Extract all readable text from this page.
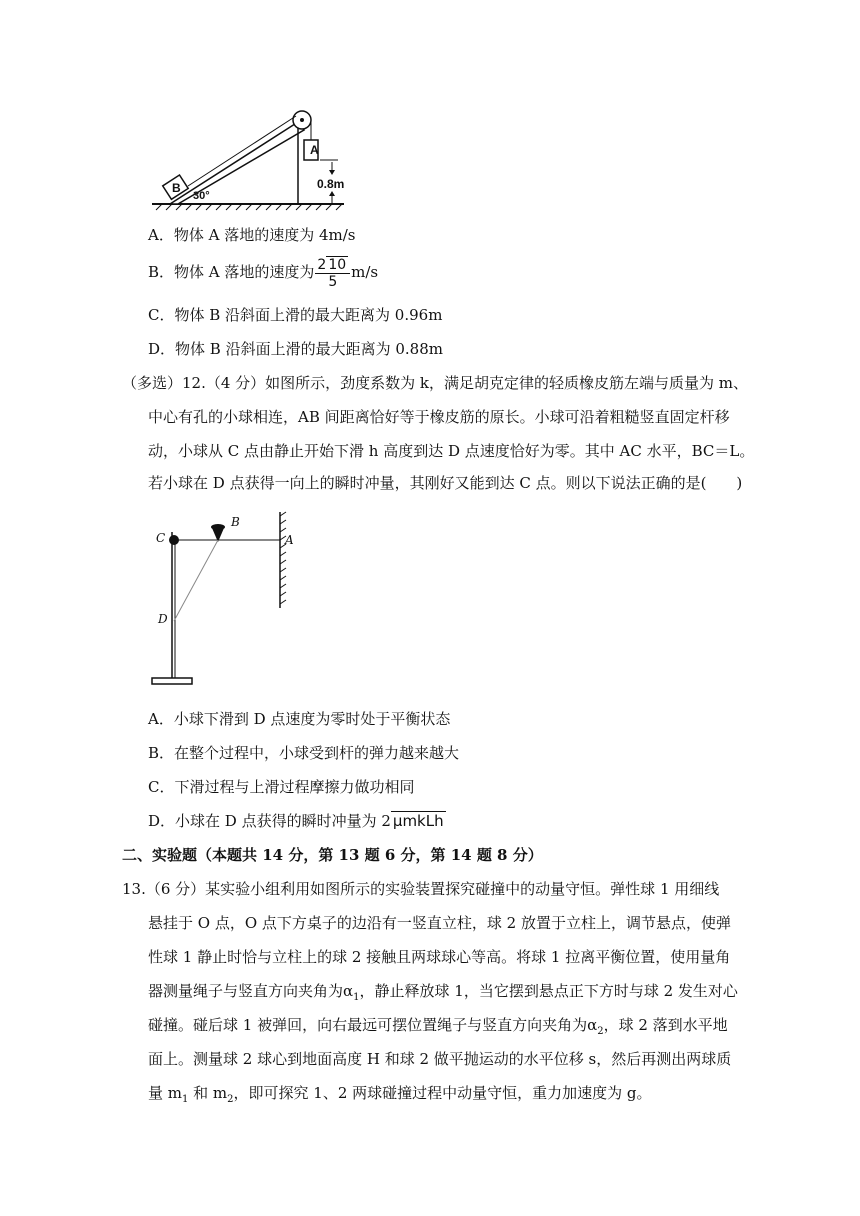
A
B
30°
0.8m
A．物体 A 落地的速度为 4m/s
B．物体 A 落地的速度为 $\frac{2 10}{5} m/s$
C．物体 B 沿斜面上滑的最大距离为 0.96m
D．物体 B 沿斜面上滑的最大距离为 0.88m
（多选）12.（4 分）如图所示，劲度系数为 k，满足胡克定律的轻质橡皮筋左端与质量为 m、
中心有孔的小球相连，AB 间距离恰好等于橡皮筋的原长。小球可沿着粗糙竖直固定杆移
动，小球从 C 点由静止开始下滑 h 高度到达 D 点速度恰好为零。其中 AC 水平，BC＝L。
若小球在 D 点获得一向上的瞬时冲量，其刚好又能到达 C 点。则以下说法正确的是(　　)
C
B
A
D
A．小球下滑到 D 点速度为零时处于平衡状态
B．在整个过程中，小球受到杆的弹力越来越大
C．下滑过程与上滑过程摩擦力做功相同
D．小球在 D 点获得的瞬时冲量为 2 μmkLh
二、实验题（本题共 14 分，第 13 题 6 分，第 14 题 8 分）
13.（6 分）某实验小组利用如图所示的实验装置探究碰撞中的动量守恒。弹性球 1 用细线
悬挂于 O 点，O 点下方桌子的边沿有一竖直立柱，球 2 放置于立柱上，调节悬点，使弹
性球 1 静止时恰与立柱上的球 2 接触且两球球心等高。将球 1 拉离平衡位置，使用量角
器测量绳子与竖直方向夹角为$\alpha_1$，静止释放球 1，当它摆到悬点正下方时与球 2 发生对心
碰撞。碰后球 1 被弹回，向右最远可摆位置绳子与竖直方向夹角为$\alpha_2$，球 2 落到水平地
面上。测量球 2 球心到地面高度 H 和球 2 做平抛运动的水平位移 s，然后再测出两球质
量 $m_1$ 和 $m_2$，即可探究 1、2 两球碰撞过程中动量守恒，重力加速度为 g。
